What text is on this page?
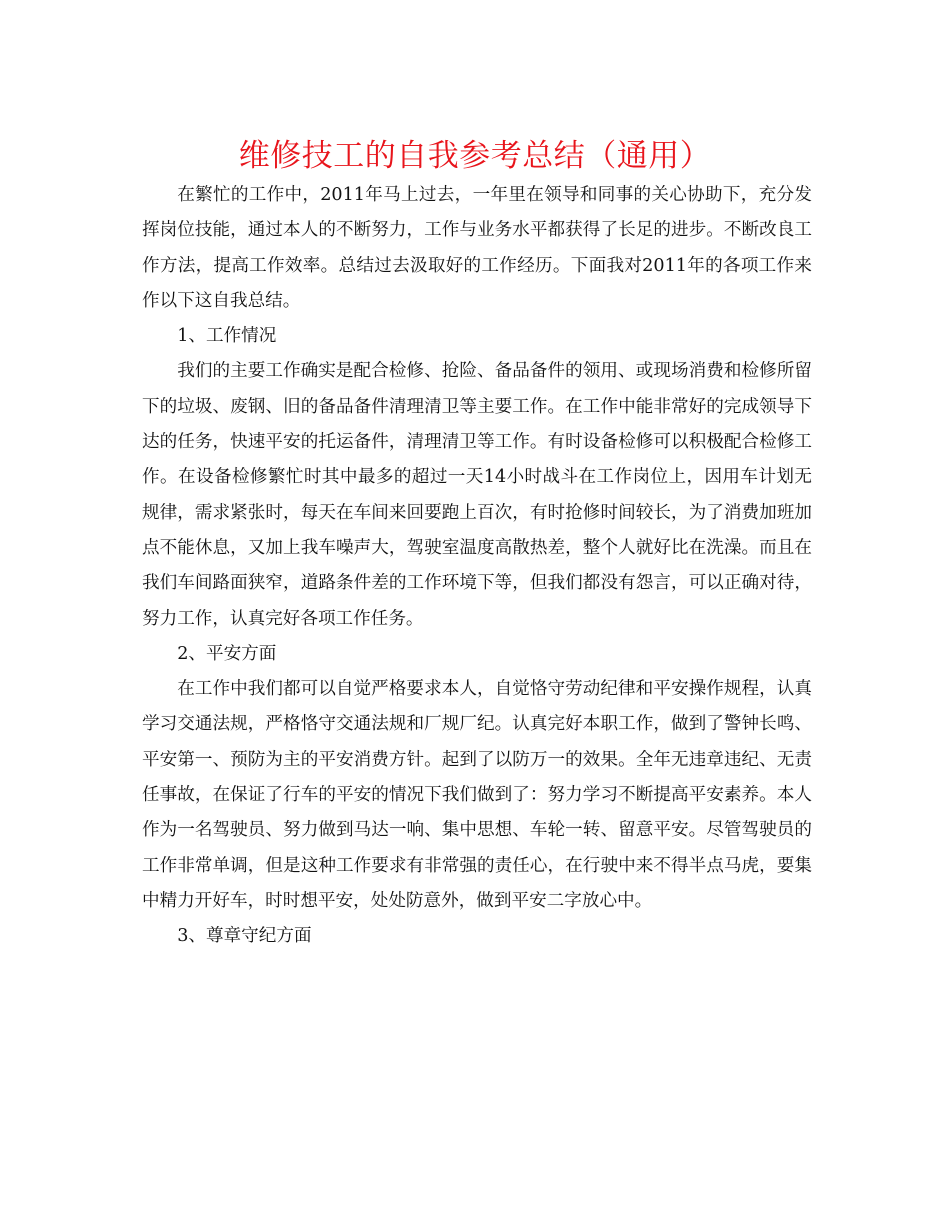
维修技工的自我参考总结（通用）

在繁忙的工作中，2011年马上过去，一年里在领导和同事的关心协助下，充分发挥岗位技能，通过本人的不断努力，工作与业务水平都获得了长足的进步。不断改良工作方法，提高工作效率。总结过去汲取好的工作经历。下面我对2011年的各项工作来作以下这自我总结。

1、工作情况

我们的主要工作确实是配合检修、抢险、备品备件的领用、或现场消费和检修所留下的垃圾、废钢、旧的备品备件清理清卫等主要工作。在工作中能非常好的完成领导下达的任务，快速平安的托运备件，清理清卫等工作。有时设备检修可以积极配合检修工作。在设备检修繁忙时其中最多的超过一天14小时战斗在工作岗位上，因用车计划无规律，需求紧张时，每天在车间来回要跑上百次，有时抢修时间较长，为了消费加班加点不能休息，又加上我车噪声大，驾驶室温度高散热差，整个人就好比在洗澡。而且在我们车间路面狭窄，道路条件差的工作环境下等，但我们都没有怨言，可以正确对待，努力工作，认真完好各项工作任务。

2、平安方面

在工作中我们都可以自觉严格要求本人，自觉恪守劳动纪律和平安操作规程，认真学习交通法规，严格恪守交通法规和厂规厂纪。认真完好本职工作，做到了警钟长鸣、平安第一、预防为主的平安消费方针。起到了以防万一的效果。全年无违章违纪、无责任事故，在保证了行车的平安的情况下我们做到了：努力学习不断提高平安素养。本人作为一名驾驶员、努力做到马达一响、集中思想、车轮一转、留意平安。尽管驾驶员的工作非常单调，但是这种工作要求有非常强的责任心，在行驶中来不得半点马虎，要集中精力开好车，时时想平安，处处防意外，做到平安二字放心中。

3、尊章守纪方面
